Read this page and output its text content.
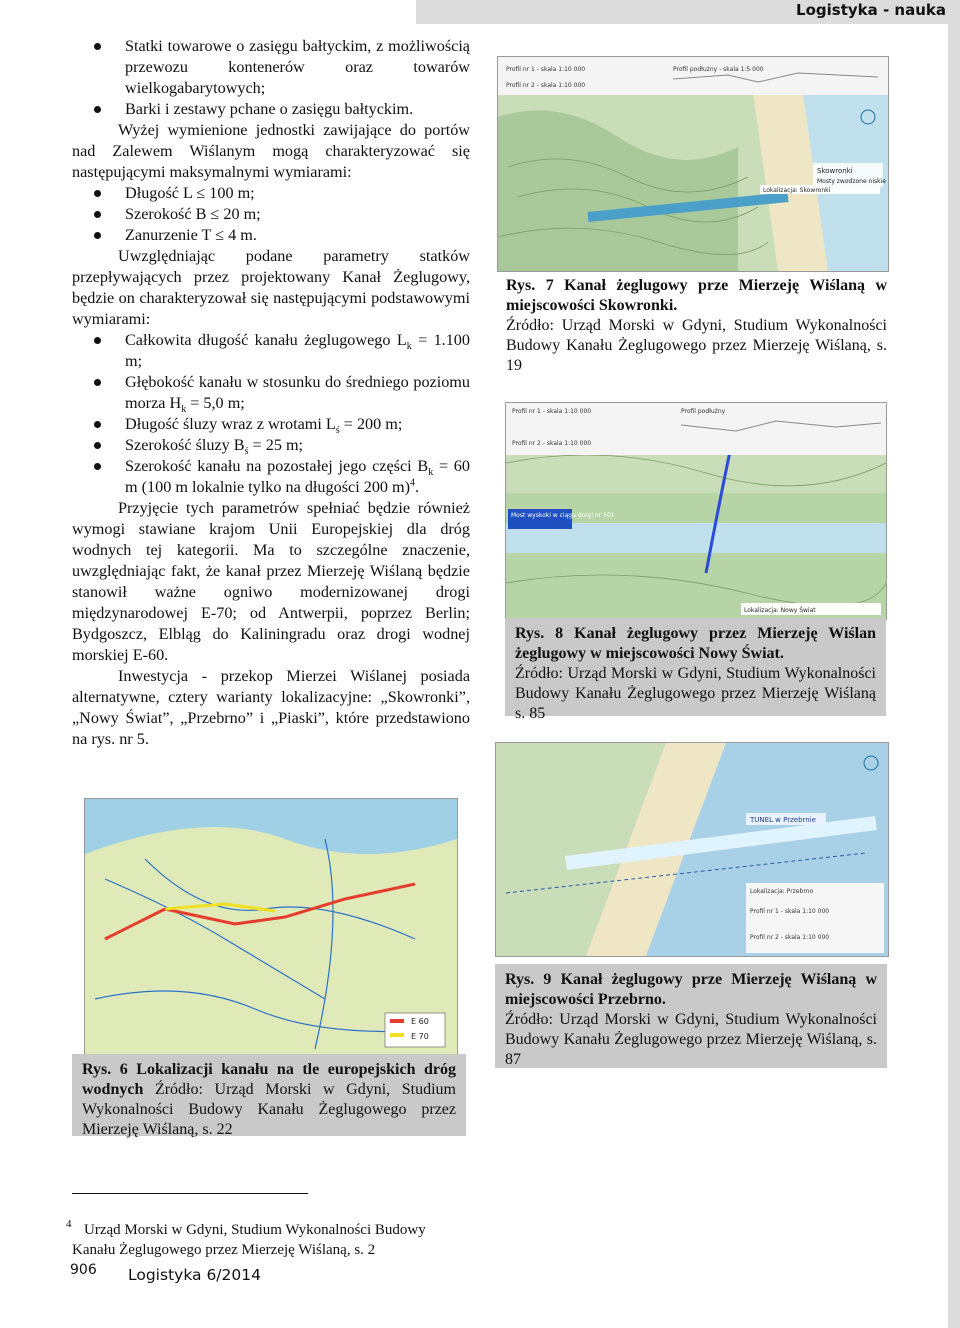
Logistyka - nauka
Statki towarowe o zasięgu bałtyckim, z możliwością przewozu kontenerów oraz towarów wielkogabarytowych;
Barki i zestawy pchane o zasięgu bałtyckim.

Wyżej wymienione jednostki zawijające do portów nad Zalewem Wiślanym mogą charakteryzować się następującymi maksymalnymi wymiarami:

Długość L ≤ 100 m;
Szerokość B ≤ 20 m;
Zanurzenie T ≤ 4 m.

Uwzględniając podane parametry statków przepływających przez projektowany Kanał Żeglugowy, będzie on charakteryzował się następującymi podstawowymi wymiarami:

Całkowita długość kanału żeglugowego $L_k = 1.100$ m;
Głębokość kanału w stosunku do średniego poziomu morza $H_k = 5,0$ m;
Długość śluzy wraz z wrotami $L_ś = 200$ m;
Szerokość śluzy $B_ś = 25$ m;
Szerokość kanału na pozostałej jego części $B_k = 60$ m (100 m lokalnie tylko na długości 200 m)$^4$.

Przyjęcie tych parametrów spełniać będzie również wymogi stawiane krajom Unii Europejskiej dla dróg wodnych tej kategorii. Ma to szczególne znaczenie, uwzględniając fakt, że kanał przez Mierzeję Wiślaną będzie stanowił ważne ogniwo modernizowanej drogi międzynarodowej E-70; od Antwerpii, poprzez Berlin; Bydgoszcz, Elbląg do Kaliningradu oraz drogi wodnej morskiej E-60.

Inwestycja - przekop Mierzei Wiślanej posiada alternatywne, cztery warianty lokalizacyjne: „Skowronki”, „Nowy Świat”, „Przebrno” i „Piaski”, które przedstawiono na rys. nr 5.

Profil nr 1 - skala 1:10 000
Profil nr 2 - skala 1:10 000
Profil podłużny - skala 1:5 000
Skowronki
Mosty zwodzone niskie
Lokalizacja: Skowronki
Rys. 7 Kanał żeglugowy prze Mierzeję Wiślaną w miejscowości Skowronki.
Źródło: Urząd Morski w Gdyni, Studium Wykonalności Budowy Kanału Żeglugowego przez Mierzeję Wiślaną, s. 19
Profil nr 1 - skala 1:10 000
Profil nr 2 - skala 1:10 000
Profil podłużny
Most wyskoki w ciągu drogi nr 501
Lokalizacja: Nowy Świat
Rys. 8 Kanał żeglugowy przez Mierzeję Wiślan żeglugowy w miejscowości Nowy Świat.
Źródło: Urząd Morski w Gdyni, Studium Wykonalności Budowy Kanału Żeglugowego przez Mierzeję Wiślaną s. 85
TUNEL w Przebrnie
Lokalizacja: Przebrno
Profil nr 1 - skala 1:10 000
Profil nr 2 - skala 1:10 000
Rys. 9 Kanał żeglugowy prze Mierzeję Wiślaną w miejscowości Przebrno.
Źródło: Urząd Morski w Gdyni, Studium Wykonalności Budowy Kanału Żeglugowego przez Mierzeję Wiślaną, s. 87
E 60
E 70
Rys. 6 Lokalizacji kanału na tle europejskich dróg wodnych Źródło: Urząd Morski w Gdyni, Studium Wykonalności Budowy Kanału Żeglugowego przez Mierzeję Wiślaną, s. 22
4 Urząd Morski w Gdyni, Studium Wykonalności Budowy Kanału Żeglugowego przez Mierzeję Wiślaną, s. 2
906 Logistyka 6/2014
